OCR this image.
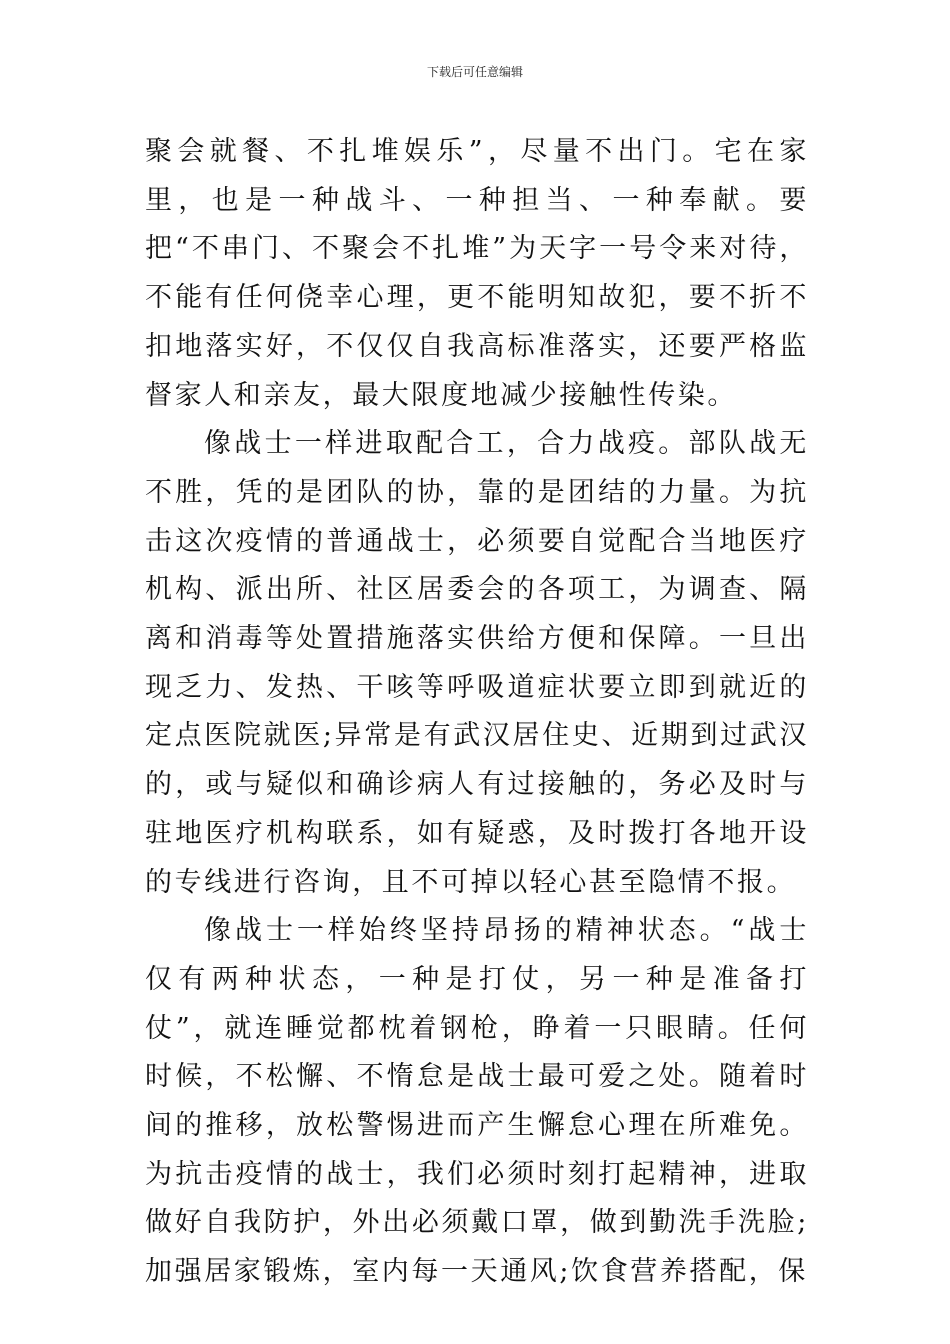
下载后可任意编辑

聚会就餐、不扎堆娱乐”，尽量不出门。宅在家里，也是一种战斗、一种担当、一种奉献。要把“不串门、不聚会不扎堆”为天字一号令来对待，不能有任何侥幸心理，更不能明知故犯，要不折不扣地落实好，不仅仅自我高标准落实，还要严格监督家人和亲友，最大限度地减少接触性传染。

像战士一样进取配合工，合力战疫。部队战无不胜，凭的是团队的协，靠的是团结的力量。为抗击这次疫情的普通战士，必须要自觉配合当地医疗机构、派出所、社区居委会的各项工，为调查、隔离和消毒等处置措施落实供给方便和保障。一旦出现乏力、发热、干咳等呼吸道症状要立即到就近的定点医院就医;异常是有武汉居住史、近期到过武汉的，或与疑似和确诊病人有过接触的，务必及时与驻地医疗机构联系，如有疑惑，及时拨打各地开设的专线进行咨询，且不可掉以轻心甚至隐情不报。

像战士一样始终坚持昂扬的精神状态。“战士仅有两种状态，一种是打仗，另一种是准备打仗”，就连睡觉都枕着钢枪，睁着一只眼睛。任何时候，不松懈、不惰怠是战士最可爱之处。随着时间的推移，放松警惕进而产生懈怠心理在所难免。为抗击疫情的战士，我们必须时刻打起精神，进取做好自我防护，外出必须戴口罩，做到勤洗手洗脸;加强居家锻炼，室内每一天通风;饮食营养搭配，保
